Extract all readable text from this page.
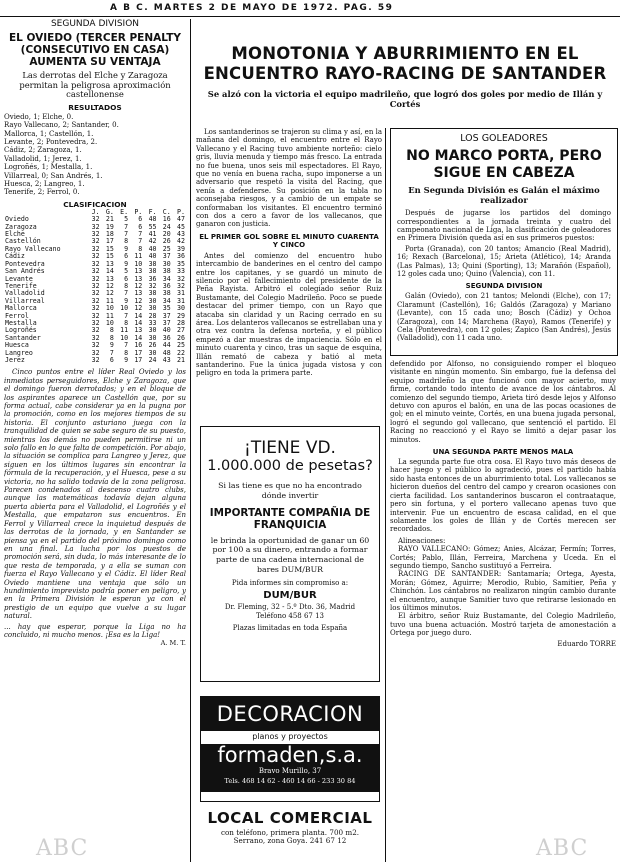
A B C. MARTES 2 DE MAYO DE 1972. PAG. 59

SEGUNDA DIVISION

EL OVIEDO (TERCER PENALTY (CONSECUTIVO EN CASA) AUMENTA SU VENTAJA

Las derrotas del Elche y Zaragoza permitan la peligrosa aproximación castellonense

RESULTADOS

Oviedo, 1; Elche, 0.
Rayo Vallecano, 2; Santander, 0.
Mallorca, 1; Castellón, 1.
Levante, 2; Pontevedra, 2.
Cádiz, 2; Zaragoza, 1.
Valladolid, 1; Jerez, 1.
Logroñés, 1; Mestalla, 1.
Villarreal, 0; San Andrés, 1.
Huesca, 2; Langreo, 1.
Tenerife, 2; Ferrol, 0.

CLASIFICACION

	J.	G.	E.	P.	F.	C.	P.
Oviedo	32	21	5	6	48	16	47
Zaragoza	32	19	7	6	55	24	45
Elche	32	18	7	7	41	20	43
Castellón	32	17	8	7	42	26	42
Rayo Vallecano	32	15	9	8	40	25	39
Cádiz	32	15	6	11	40	37	36
Pontevedra	32	13	9	10	38	30	35
San Andrés	32	14	5	13	38	38	33
Levante	32	13	6	13	36	34	32
Tenerife	32	12	8	12	32	36	32
Valladolid	32	12	7	13	38	38	31
Villarreal	32	11	9	12	30	34	31
Mallorca	32	10	10	12	30	35	30
Ferrol	32	11	7	14	28	37	29
Mestalla	32	10	8	14	33	37	28
Logroñés	32	8	11	13	30	40	27
Santander	32	8	10	14	30	36	26
Huesca	32	9	7	16	26	44	25
Langreo	32	7	8	17	30	48	22
Jerez	32	6	9	17	24	43	21

Cinco puntos entre el líder Real Oviedo y los inmediatos perseguidores, Elche y Zaragoza, que el domingo fueron derrotados; y en el bloque de los aspirantes aparece un Castellón que, por su forma actual, cabe considerar ya en la pugna por la promoción, como en los mejores tiempos de su historia. El conjunto asturiano juega con la tranquilidad de quien se sabe seguro de su puesto, mientras los demás no pueden permitirse ni un solo fallo en lo que falta de competición. Por abajo, la situación se complica para Langreo y Jerez, que siguen en los últimos lugares sin encontrar la fórmula de la recuperación, y el Huesca, pese a su victoria, no ha salido todavía de la zona peligrosa. Parecen condenados al descenso cuatro clubs, aunque las matemáticas todavía dejan alguna puerta abierta para el Valladolid, el Logroñés y el Mestalla, que empataron sus encuentros. En Ferrol y Villarreal crece la inquietud después de las derrotas de la jornada, y en Santander se piensa ya en el partido del próximo domingo como en una final. La lucha por los puestos de promoción será, sin duda, lo más interesante de lo que resta de temporada, y a ella se suman con fuerza el Rayo Vallecano y el Cádiz. El líder Real Oviedo mantiene una ventaja que sólo un hundimiento imprevisto podría poner en peligro, y en la Primera División le esperan ya con el prestigio de un equipo que vuelve a su lugar natural.

... hay que esperar, porque la Liga no ha concluido, ni mucho menos. ¡Esa es la Liga!

A. M. T.

MONOTONIA Y ABURRIMIENTO EN EL ENCUENTRO RAYO-RACING DE SANTANDER

Se alzó con la victoria el equipo madrileño, que logró dos goles por medio de Illán y Cortés

Los santanderinos se trajeron su clima y así, en la mañana del domingo, el encuentro entre el Rayo Vallecano y el Racing tuvo ambiente norteño: cielo gris, lluvia menuda y tiempo más fresco. La entrada no fue buena, unos seis mil espectadores. El Rayo, que no venía en buena racha, supo imponerse a un adversario que respetó la visita del Racing, que venía a defenderse. Su posición en la tabla no aconsejaba riesgos, y a cambio de un empate se conformaban los visitantes. El encuentro terminó con dos a cero a favor de los vallecanos, que ganaron con justicia.

EL PRIMER GOL SOBRE EL MINUTO CUARENTA Y CINCO

Antes del comienzo del encuentro hubo intercambio de banderines en el centro del campo entre los capitanes, y se guardó un minuto de silencio por el fallecimiento del presidente de la Peña Rayista. Arbitró el colegiado señor Ruiz Bustamante, del Colegio Madrileño. Poco se puede destacar del primer tiempo, con un Rayo que atacaba sin claridad y un Racing cerrado en su área. Los delanteros vallecanos se estrellaban una y otra vez contra la defensa norteña, y el público empezó a dar muestras de impaciencia. Sólo en el minuto cuarenta y cinco, tras un saque de esquina, Illán remató de cabeza y batió al meta santanderino. Fue la única jugada vistosa y con peligro en toda la primera parte.

¡TIENE VD.

1.000.000 de pesetas?

Si las tiene es que no ha encontrado dónde invertir

IMPORTANTE COMPAÑIA DE FRANQUICIA

le brinda la oportunidad de ganar un 60 por 100 a su dinero, entrando a formar parte de una cadena internacional de bares DUM/BUR

Pida informes sin compromiso a:

DUM/BUR

Dr. Fleming, 32 - 5.º Dto. 36, Madrid Teléfono 458 67 13

Plazas limitadas en toda España

DECORACION

planos y proyectos

formaden,s.a.
Bravo Murillo, 37
Tels. 468 14 62 - 460 14 66 - 233 30 84

LOCAL COMERCIAL

con teléfono, primera planta. 700 m2.

Serrano, zona Goya. 241 67 12

LOS GOLEADORES

NO MARCO PORTA, PERO SIGUE EN CABEZA

En Segunda División es Galán el máximo realizador

Después de jugarse los partidos del domingo correspondientes a la jornada treinta y cuatro del campeonato nacional de Liga, la clasificación de goleadores en Primera División queda así en sus primeros puestos:

Porta (Granada), con 20 tantos; Amancio (Real Madrid), 16; Rexach (Barcelona), 15; Arieta (Atlético), 14; Aranda (Las Palmas), 13; Quini (Sporting), 13; Marañón (Español), 12 goles cada uno; Quino (Valencia), con 11.

SEGUNDA DIVISION

Galán (Oviedo), con 21 tantos; Melondi (Elche), con 17; Claramunt (Castellón), 16; Galdós (Zaragoza) y Mariano (Levante), con 15 cada uno; Bosch (Cádiz) y Ochoa (Zaragoza), con 14; Marchena (Rayo), Ramos (Tenerife) y Cela (Pontevedra), con 12 goles; Zapico (San Andrés), Jesús (Valladolid), con 11 cada uno.

defendido por Alfonso, no consiguiendo romper el bloqueo visitante en ningún momento. Sin embargo, fue la defensa del equipo madrileño la que funcionó con mayor acierto, muy firme, cortando todo intento de avance de los cántabros. Al comienzo del segundo tiempo, Arieta tiró desde lejos y Alfonso detuvo con apuros el balón, en una de las pocas ocasiones de gol; en el minuto veinte, Cortés, en una buena jugada personal, logró el segundo gol vallecano, que sentenció el partido. El Racing no reaccionó y el Rayo se limitó a dejar pasar los minutos.

UNA SEGUNDA PARTE MENOS MALA

La segunda parte fue otra cosa. El Rayo tuvo más deseos de hacer juego y el público lo agradeció, pues el partido había sido hasta entonces de un aburrimiento total. Los vallecanos se hicieron dueños del centro del campo y crearon ocasiones con cierta facilidad. Los santanderinos buscaron el contraataque, pero sin fortuna, y el portero vallecano apenas tuvo que intervenir. Fue un encuentro de escasa calidad, en el que solamente los goles de Illán y de Cortés merecen ser recordados.

Alineaciones:

RAYO VALLECANO: Gómez; Anies, Alcázar, Fermín; Torres, Cortés; Pablo, Illán, Ferreira, Marchena y Uceda. En el segundo tiempo, Sancho sustituyó a Ferreira.

RACING DE SANTANDER: Santamaría; Ortega, Ayesta, Morán; Gómez, Aguirre; Merodio, Rubio, Samitier, Peña y Chinchón. Los cántabros no realizaron ningún cambio durante el encuentro, aunque Samitier tuvo que retirarse lesionado en los últimos minutos.

El árbitro, señor Ruiz Bustamante, del Colegio Madrileño, tuvo una buena actuación. Mostró tarjeta de amonestación a Ortega por juego duro.

Eduardo TORRE

ABC	ABC
